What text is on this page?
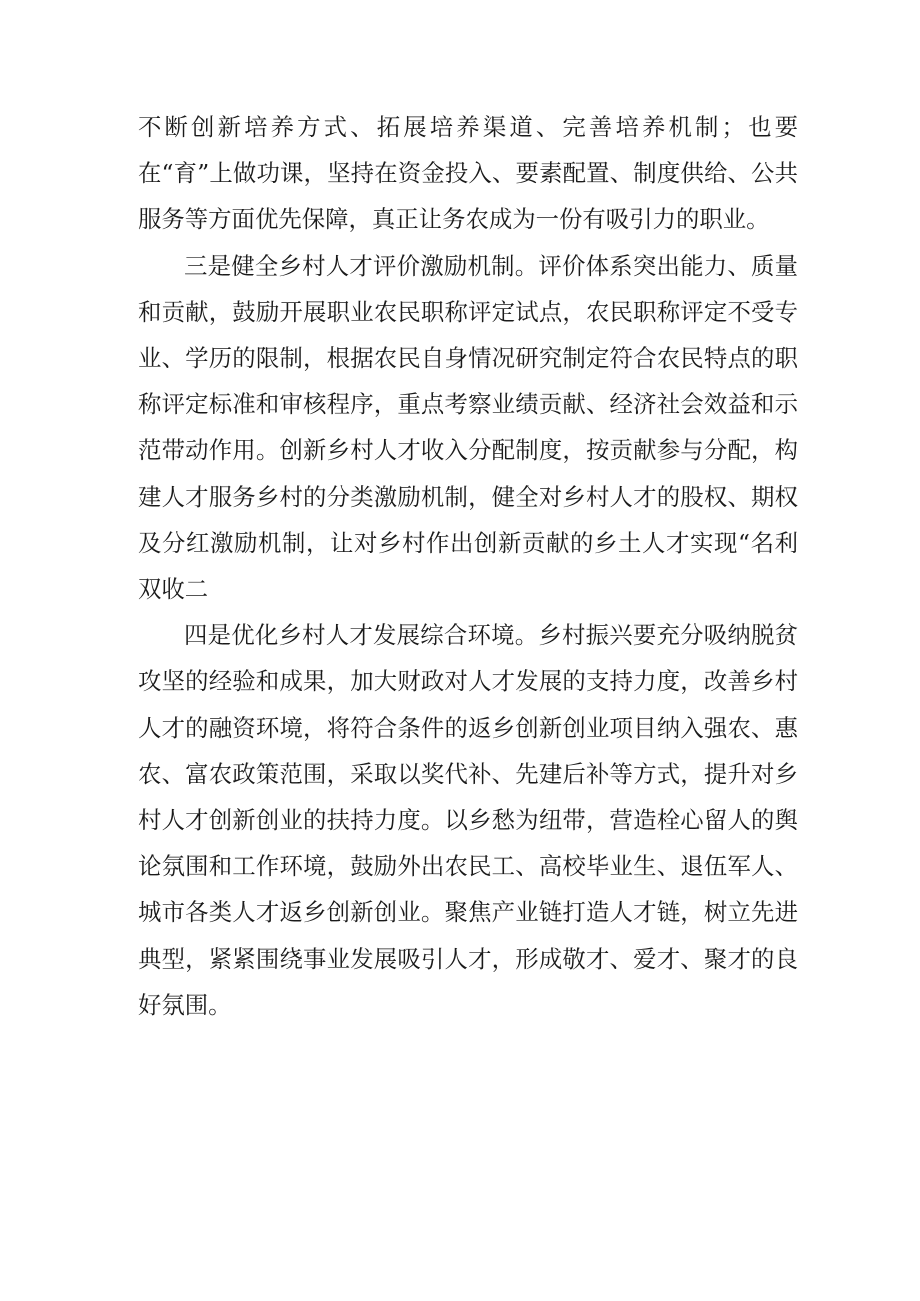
不断创新培养方式、拓展培养渠道、完善培养机制；也要在“育”上做功课，坚持在资金投入、要素配置、制度供给、公共服务等方面优先保障，真正让务农成为一份有吸引力的职业。

三是健全乡村人才评价激励机制。评价体系突出能力、质量和贡献，鼓励开展职业农民职称评定试点，农民职称评定不受专业、学历的限制，根据农民自身情况研究制定符合农民特点的职称评定标准和审核程序，重点考察业绩贡献、经济社会效益和示范带动作用。创新乡村人才收入分配制度，按贡献参与分配，构建人才服务乡村的分类激励机制，健全对乡村人才的股权、期权及分红激励机制，让对乡村作出创新贡献的乡土人才实现“名利双收二

四是优化乡村人才发展综合环境。乡村振兴要充分吸纳脱贫攻坚的经验和成果，加大财政对人才发展的支持力度，改善乡村人才的融资环境，将符合条件的返乡创新创业项目纳入强农、惠农、富农政策范围，采取以奖代补、先建后补等方式，提升对乡村人才创新创业的扶持力度。以乡愁为纽带，营造栓心留人的舆论氛围和工作环境，鼓励外出农民工、高校毕业生、退伍军人、城市各类人才返乡创新创业。聚焦产业链打造人才链，树立先进典型，紧紧围绕事业发展吸引人才，形成敬才、爱才、聚才的良好氛围。
